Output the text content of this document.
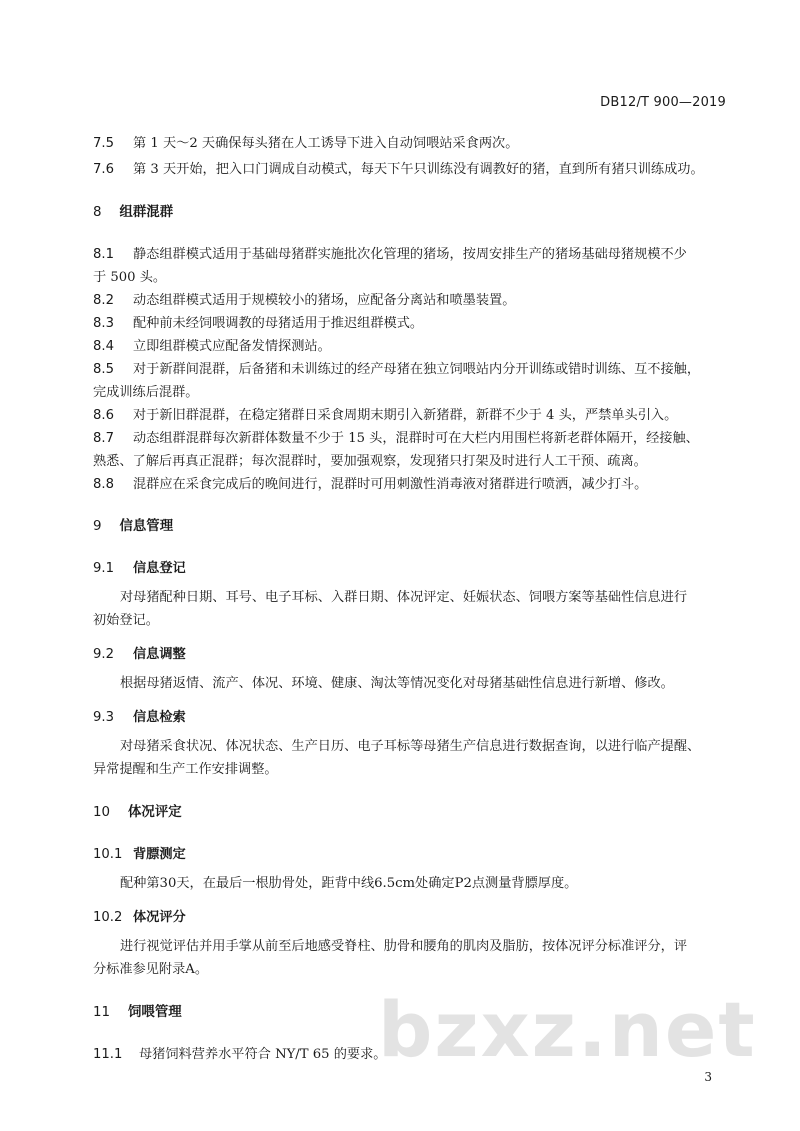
DB12/T 900—2019
7.5 第 1 天～2 天确保每头猪在人工诱导下进入自动饲喂站采食两次。
7.6 第 3 天开始，把入口门调成自动模式，每天下午只训练没有调教好的猪，直到所有猪只训练成功。
8 组群混群
8.1 静态组群模式适用于基础母猪群实施批次化管理的猪场，按周安排生产的猪场基础母猪规模不少
于 500 头。
8.2 动态组群模式适用于规模较小的猪场，应配备分离站和喷墨装置。
8.3 配种前未经饲喂调教的母猪适用于推迟组群模式。
8.4 立即组群模式应配备发情探测站。
8.5 对于新群间混群，后备猪和未训练过的经产母猪在独立饲喂站内分开训练或错时训练、互不接触，
完成训练后混群。
8.6 对于新旧群混群，在稳定猪群日采食周期末期引入新猪群，新群不少于 4 头，严禁单头引入。
8.7 动态组群混群每次新群体数量不少于 15 头，混群时可在大栏内用围栏将新老群体隔开，经接触、
熟悉、了解后再真正混群；每次混群时，要加强观察，发现猪只打架及时进行人工干预、疏离。
8.8 混群应在采食完成后的晚间进行，混群时可用刺激性消毒液对猪群进行喷洒，减少打斗。
9 信息管理
9.1 信息登记
对母猪配种日期、耳号、电子耳标、入群日期、体况评定、妊娠状态、饲喂方案等基础性信息进行
初始登记。
9.2 信息调整
根据母猪返情、流产、体况、环境、健康、淘汰等情况变化对母猪基础性信息进行新增、修改。
9.3 信息检索
对母猪采食状况、体况状态、生产日历、电子耳标等母猪生产信息进行数据查询，以进行临产提醒、
异常提醒和生产工作安排调整。
10 体况评定
10.1 背膘测定
配种第30天，在最后一根肋骨处，距背中线6.5cm处确定P2点测量背膘厚度。
10.2 体况评分
进行视觉评估并用手掌从前至后地感受脊柱、肋骨和腰角的肌肉及脂肪，按体况评分标准评分，评
分标准参见附录A。
11 饲喂管理
11.1 母猪饲料营养水平符合 NY/T 65 的要求。
bzxz.net
3
